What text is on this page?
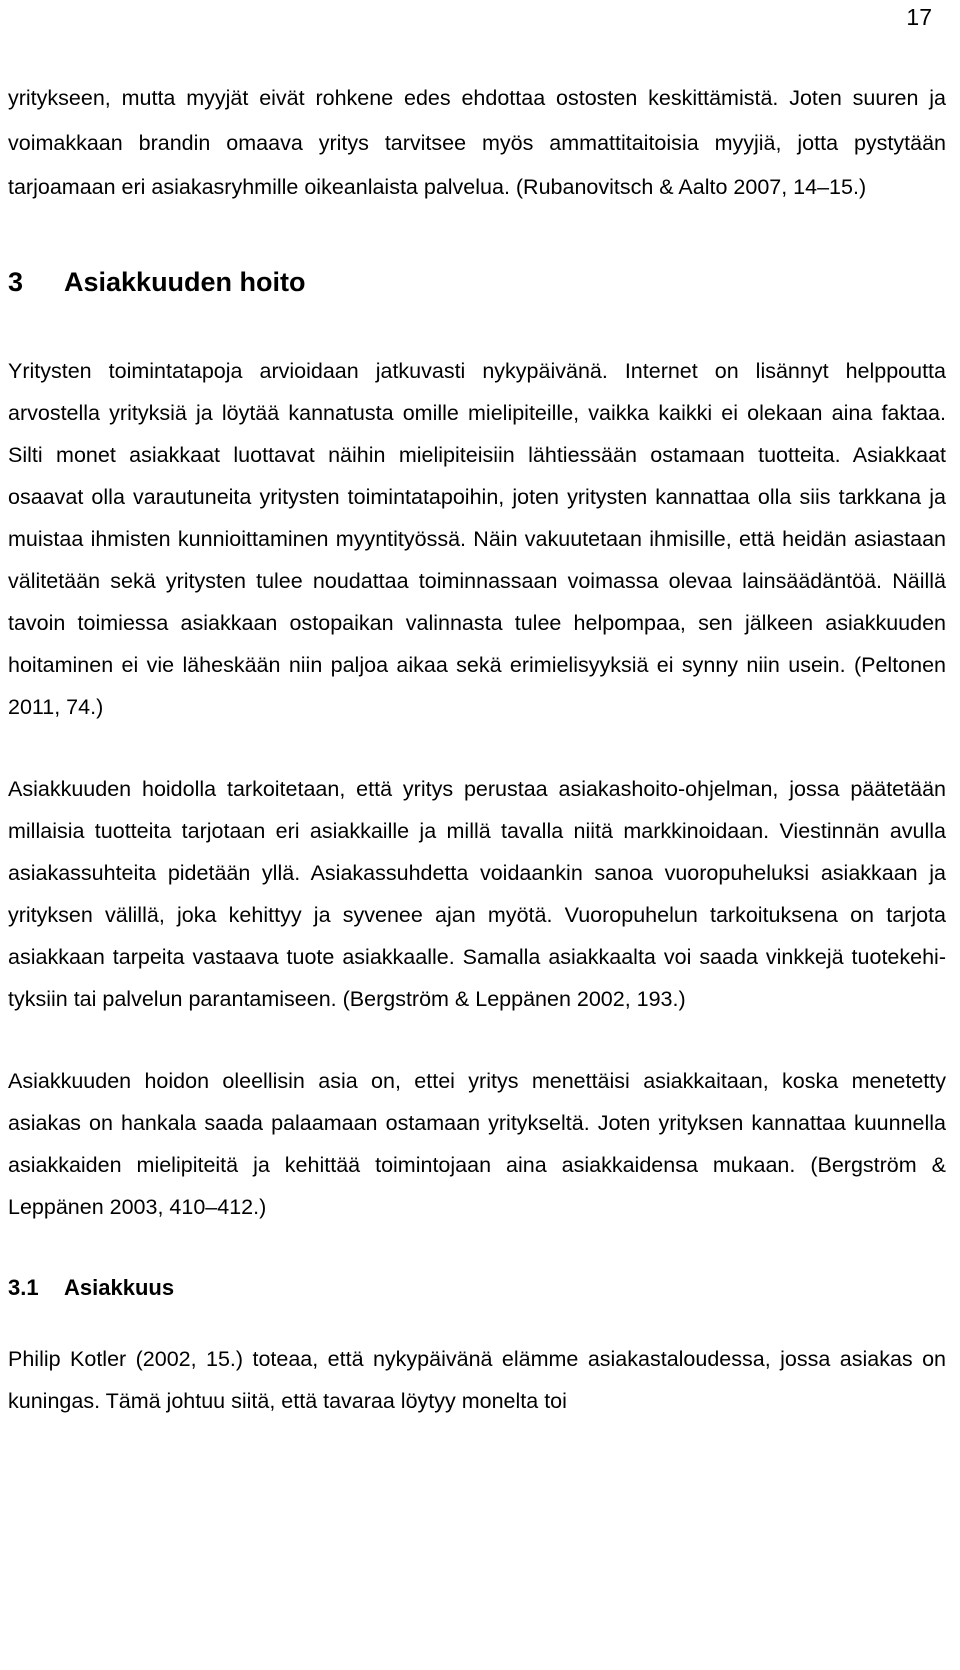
17

yritykseen, mutta myyjät eivät rohkene edes ehdottaa ostosten keskittämistä. Joten suuren ja voimakkaan brandin omaava yritys tarvitsee myös ammattitaitoisia myyjiä, jotta pystytään tarjoamaan eri asiakasryhmille oikeanlaista palvelua. (Rubanovitsch & Aalto 2007, 14–15.)

3 Asiakkuuden hoito

Yritysten toimintatapoja arvioidaan jatkuvasti nykypäivänä. Internet on lisännyt helppoutta arvostella yrityksiä ja löytää kannatusta omille mielipiteille, vaikka kaikki ei olekaan aina faktaa. Silti monet asiakkaat luottavat näihin mielipiteisiin lähtiessään ostamaan tuotteita. Asiakkaat osaavat olla varautuneita yritysten toimintatapoihin, joten yritysten kannattaa olla siis tarkkana ja muistaa ihmisten kunnioittaminen myyntityössä. Näin vakuutetaan ihmisille, että heidän asiastaan välitetään sekä yritysten tulee noudattaa toiminnassaan voimassa olevaa lainsäädäntöä. Näillä tavoin toimiessa asiakkaan ostopaikan valinnasta tulee helpompaa, sen jälkeen asiakkuuden hoitaminen ei vie läheskään niin paljoa aikaa sekä erimielisyyksiä ei synny niin usein. (Peltonen 2011, 74.)

Asiakkuuden hoidolla tarkoitetaan, että yritys perustaa asiakashoito-ohjelman, jossa päätetään millaisia tuotteita tarjotaan eri asiakkaille ja millä tavalla niitä markkinoidaan. Viestinnän avulla asiakassuhteita pidetään yllä. Asiakassuhdetta voidaankin sanoa vuoropuheluksi asiakkaan ja yrityksen välillä, joka kehittyy ja syvenee ajan myötä. Vuoropuhelun tarkoituksena on tarjota asiakkaan tarpeita vastaava tuote asiakkaalle. Samalla asiakkaalta voi saada vinkkejä tuotekehityksiin tai palvelun parantamiseen. (Bergström & Leppänen 2002, 193.)

Asiakkuuden hoidon oleellisin asia on, ettei yritys menettäisi asiakkaitaan, koska menetetty asiakas on hankala saada palaamaan ostamaan yritykseltä. Joten yrityksen kannattaa kuunnella asiakkaiden mielipiteitä ja kehittää toimintojaan aina asiakkaidensa mukaan. (Bergström & Leppänen 2003, 410–412.)

3.1 Asiakkuus

Philip Kotler (2002, 15.) toteaa, että nykypäivänä elämme asiakastaloudessa, jossa asiakas on kuningas. Tämä johtuu siitä, että tavaraa löytyy monelta toi
